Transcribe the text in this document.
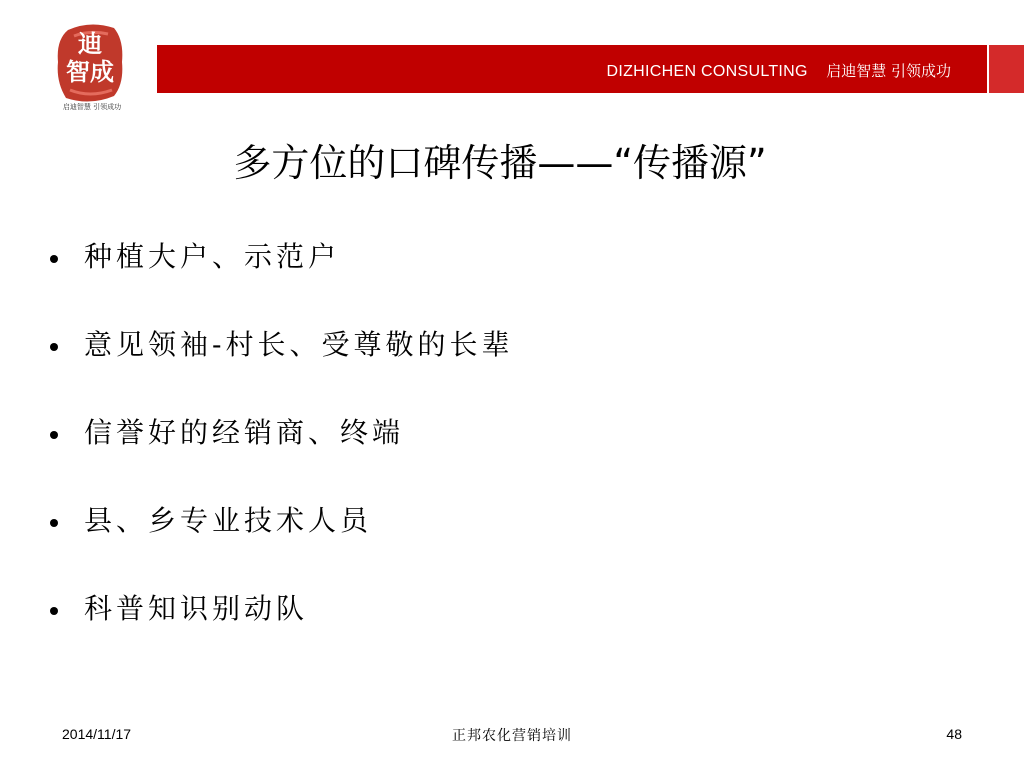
迪
智成
启迪智慧 引领成功
DIZHICHEN CONSULTING 启迪智慧 引领成功
多方位的口碑传播——“传播源”
种植大户、示范户
意见领袖-村长、受尊敬的长辈
信誉好的经销商、终端
县、乡专业技术人员
科普知识别动队
2014/11/17	正邦农化营销培训	48
